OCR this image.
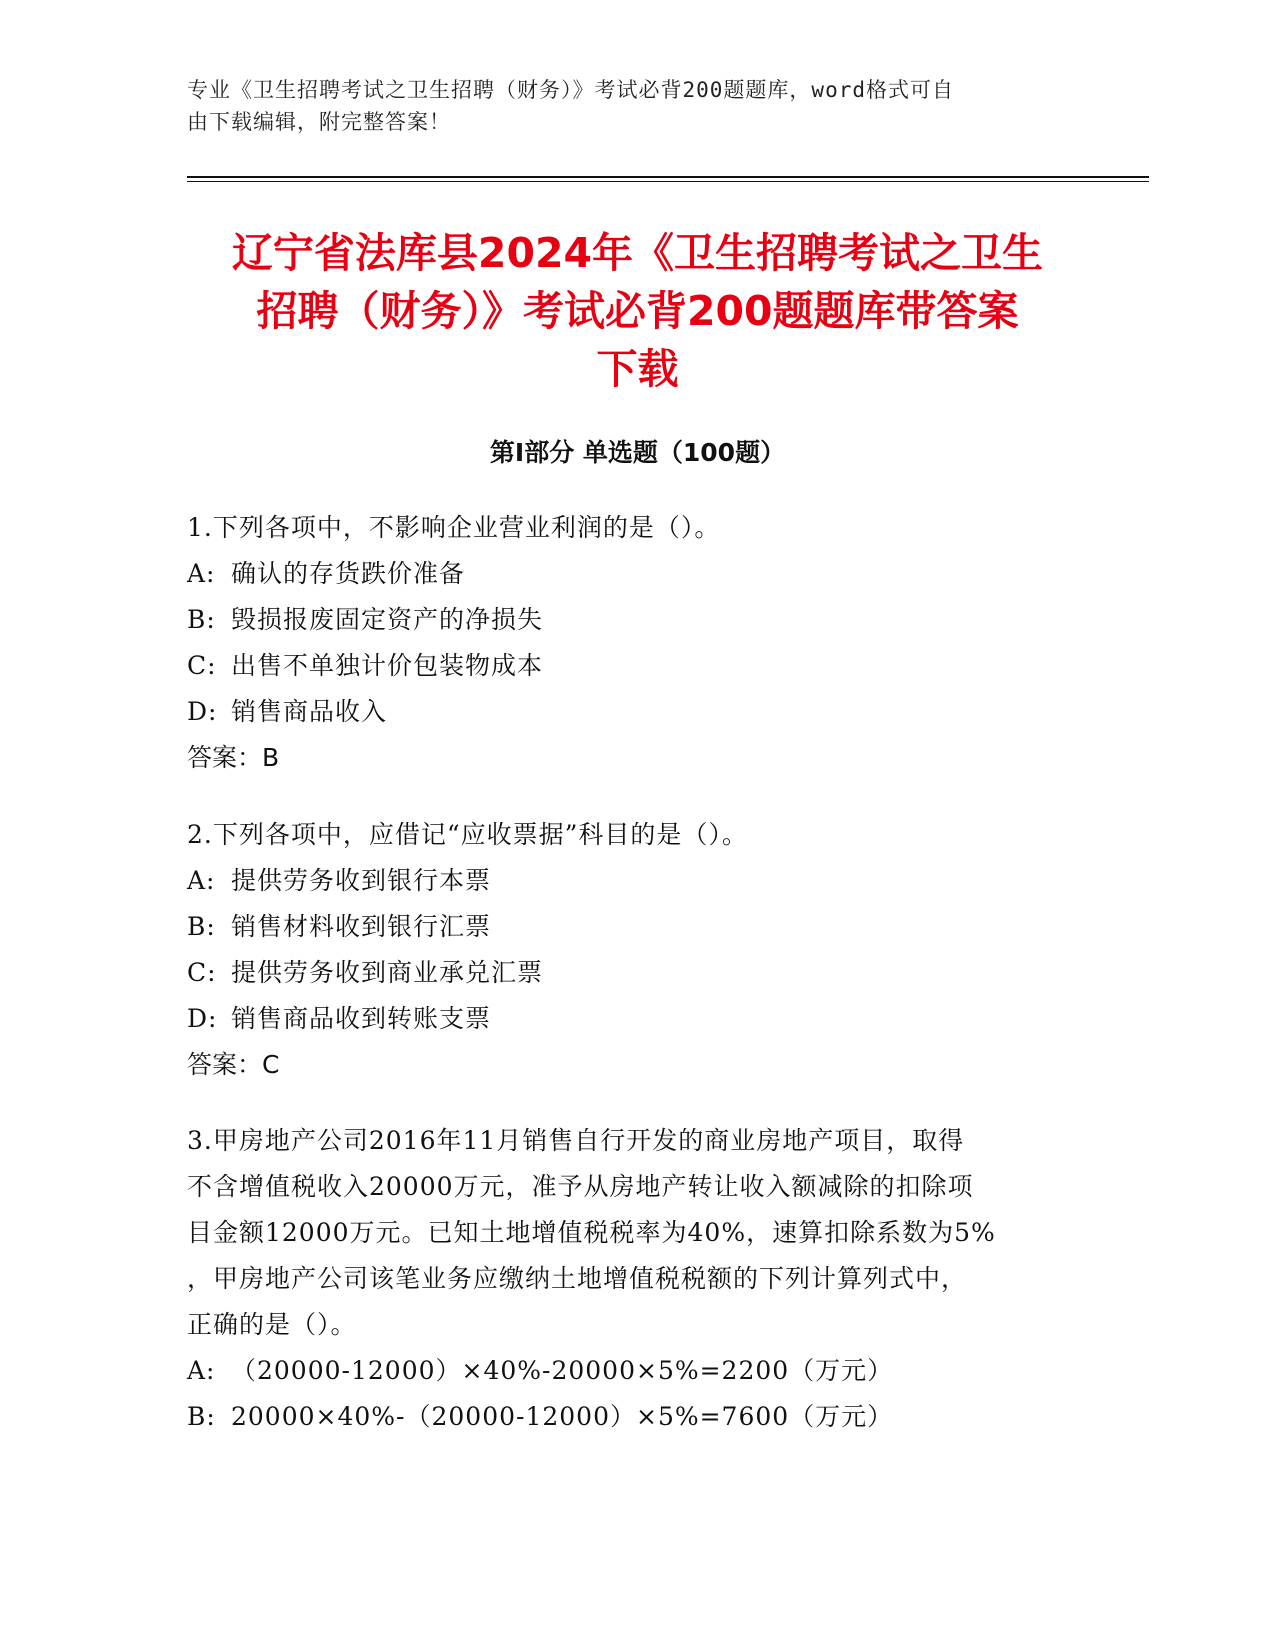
专业《卫生招聘考试之卫生招聘（财务）》考试必背200题题库，word格式可自
由下载编辑，附完整答案！
辽宁省法库县2024年《卫生招聘考试之卫生
招聘（财务）》考试必背200题题库带答案
下载
第Ⅰ部分 单选题（100题）
1.下列各项中，不影响企业营业利润的是（）。
A: 确认的存货跌价准备
B: 毁损报废固定资产的净损失
C: 出售不单独计价包装物成本
D: 销售商品收入
答案：B
2.下列各项中，应借记“应收票据”科目的是（）。
A: 提供劳务收到银行本票
B: 销售材料收到银行汇票
C: 提供劳务收到商业承兑汇票
D: 销售商品收到转账支票
答案：C
3.甲房地产公司2016年11月销售自行开发的商业房地产项目，取得
不含增值税收入20000万元，准予从房地产转让收入额减除的扣除项
目金额12000万元。已知土地增值税税率为40%，速算扣除系数为5%
，甲房地产公司该笔业务应缴纳土地增值税税额的下列计算列式中，
正确的是（）。
A: （20000-12000）×40%-20000×5%=2200（万元）
B: 20000×40%-（20000-12000）×5%=7600（万元）
